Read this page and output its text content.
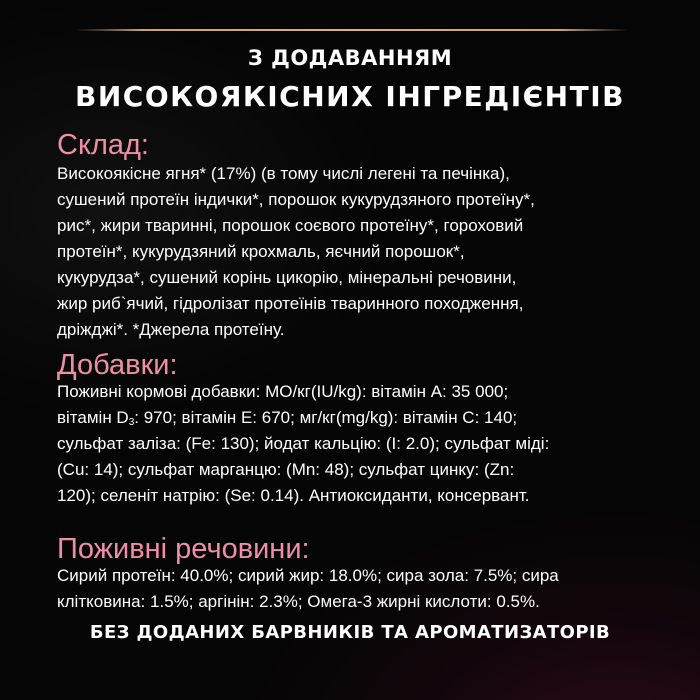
З ДОДАВАННЯМ
ВИСОКОЯКІСНИХ ІНГРЕДІЄНТІВ
Склад:
Високоякісне ягня* (17%) (в тому числі легені та печінка),
сушений протеїн індички*, порошок кукурудзяного протеїну*,
рис*, жири тваринні, порошок соєвого протеїну*, гороховий
протеїн*, кукурудзяний крохмаль, яєчний порошок*,
кукурудза*, сушений корінь цикорію, мінеральні речовини,
жир риб`ячий, гідролізат протеїнів тваринного походження,
дріжджі*. *Джерела протеїну.
Добавки:
Поживні кормові добавки: МО/кг(IU/kg): вітамін А: 35 000;
вітамін $D_3$: 970; вітамін Е: 670; мг/кг(mg/kg): вітамін С: 140;
сульфат заліза: (Fe: 130); йодат кальцію: (I: 2.0); сульфат міді:
(Cu: 14); сульфат марганцю: (Mn: 48); сульфат цинку: (Zn:
120); селеніт натрію: (Se: 0.14). Антиоксиданти, консервант.
Поживні речовини:
Сирий протеїн: 40.0%; сирий жир: 18.0%; сира зола: 7.5%; сира
клітковина: 1.5%; аргінін: 2.3%; Омега-3 жирні кислоти: 0.5%.
БЕЗ ДОДАНИХ БАРВНИКІВ ТА АРОМАТИЗАТОРІВ
